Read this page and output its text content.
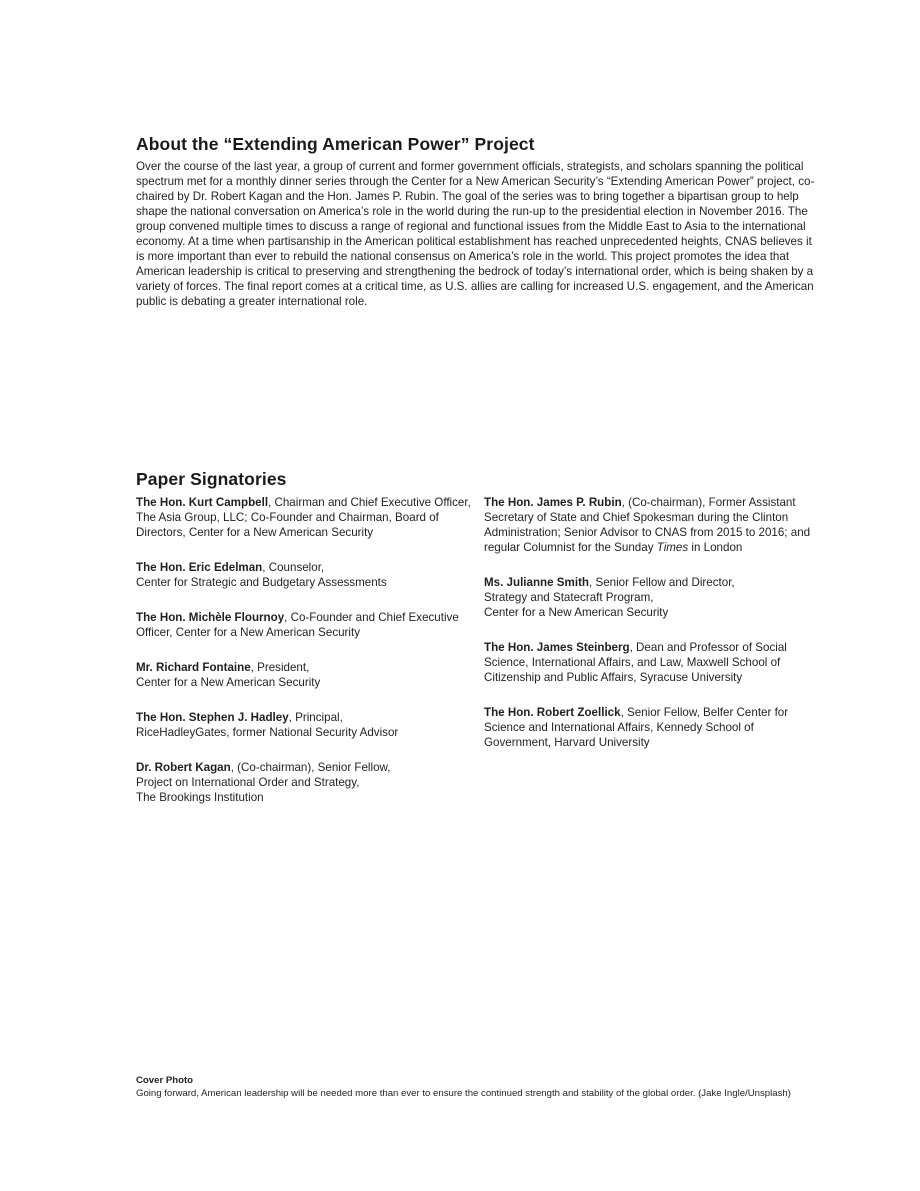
About the “Extending American Power” Project

Over the course of the last year, a group of current and former government officials, strategists, and scholars spanning the political spectrum met for a monthly dinner series through the Center for a New American Security’s “Extending American Power” project, co-chaired by Dr. Robert Kagan and the Hon. James P. Rubin. The goal of the series was to bring together a bipartisan group to help shape the national conversation on America’s role in the world during the run-up to the presidential election in November 2016. The group convened multiple times to discuss a range of regional and functional issues from the Middle East to Asia to the international economy. At a time when partisanship in the American political establishment has reached unprecedented heights, CNAS believes it is more important than ever to rebuild the national consensus on America’s role in the world. This project promotes the idea that American leadership is critical to preserving and strengthening the bedrock of today’s international order, which is being shaken by a variety of forces. The final report comes at a critical time, as U.S. allies are calling for increased U.S. engagement, and the American public is debating a greater international role.

Paper Signatories

The Hon. Kurt Campbell, Chairman and Chief Executive Officer, The Asia Group, LLC; Co-Founder and Chairman, Board of Directors, Center for a New American Security

The Hon. Eric Edelman, Counselor,
Center for Strategic and Budgetary Assessments

The Hon. Michèle Flournoy, Co-Founder and Chief Executive Officer, Center for a New American Security

Mr. Richard Fontaine, President,
Center for a New American Security

The Hon. Stephen J. Hadley, Principal,
RiceHadleyGates, former National Security Advisor

Dr. Robert Kagan, (Co-chairman), Senior Fellow,
Project on International Order and Strategy,
The Brookings Institution

The Hon. James P. Rubin, (Co-chairman), Former Assistant Secretary of State and Chief Spokesman during the Clinton Administration; Senior Advisor to CNAS from 2015 to 2016; and regular Columnist for the Sunday Times in London

Ms. Julianne Smith, Senior Fellow and Director,
Strategy and Statecraft Program,
Center for a New American Security

The Hon. James Steinberg, Dean and Professor of Social Science, International Affairs, and Law, Maxwell School of Citizenship and Public Affairs, Syracuse University

The Hon. Robert Zoellick, Senior Fellow, Belfer Center for Science and International Affairs, Kennedy School of Government, Harvard University

Cover Photo
Going forward, American leadership will be needed more than ever to ensure the continued strength and stability of the global order. (Jake Ingle/Unsplash)
